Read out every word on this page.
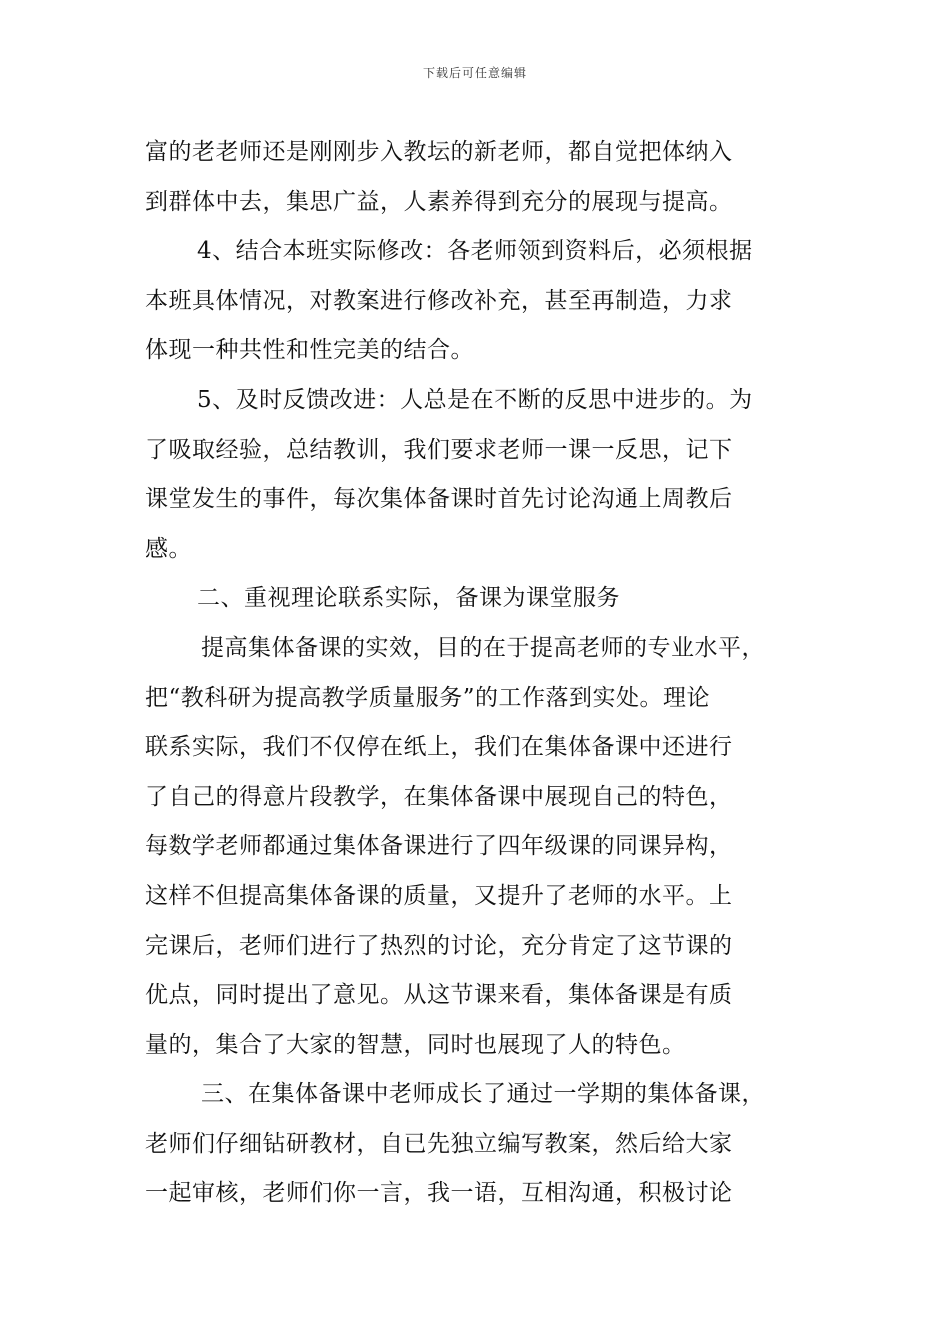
下载后可任意编辑
富的老老师还是刚刚步入教坛的新老师，都自觉把体纳入
到群体中去，集思广益，人素养得到充分的展现与提高。
4、结合本班实际修改：各老师领到资料后，必须根据
本班具体情况，对教案进行修改补充，甚至再制造，力求
体现一种共性和性完美的结合。
5、及时反馈改进：人总是在不断的反思中进步的。为
了吸取经验，总结教训，我们要求老师一课一反思，记下
课堂发生的事件，每次集体备课时首先讨论沟通上周教后
感。
二、重视理论联系实际，备课为课堂服务
提高集体备课的实效，目的在于提高老师的专业水平，
把“教科研为提高教学质量服务”的工作落到实处。理论
联系实际，我们不仅停在纸上，我们在集体备课中还进行
了自己的得意片段教学，在集体备课中展现自己的特色，
每数学老师都通过集体备课进行了四年级课的同课异构，
这样不但提高集体备课的质量，又提升了老师的水平。上
完课后，老师们进行了热烈的讨论，充分肯定了这节课的
优点，同时提出了意见。从这节课来看，集体备课是有质
量的，集合了大家的智慧，同时也展现了人的特色。
三、在集体备课中老师成长了通过一学期的集体备课，
老师们仔细钻研教材，自已先独立编写教案，然后给大家
一起审核，老师们你一言，我一语，互相沟通，积极讨论
